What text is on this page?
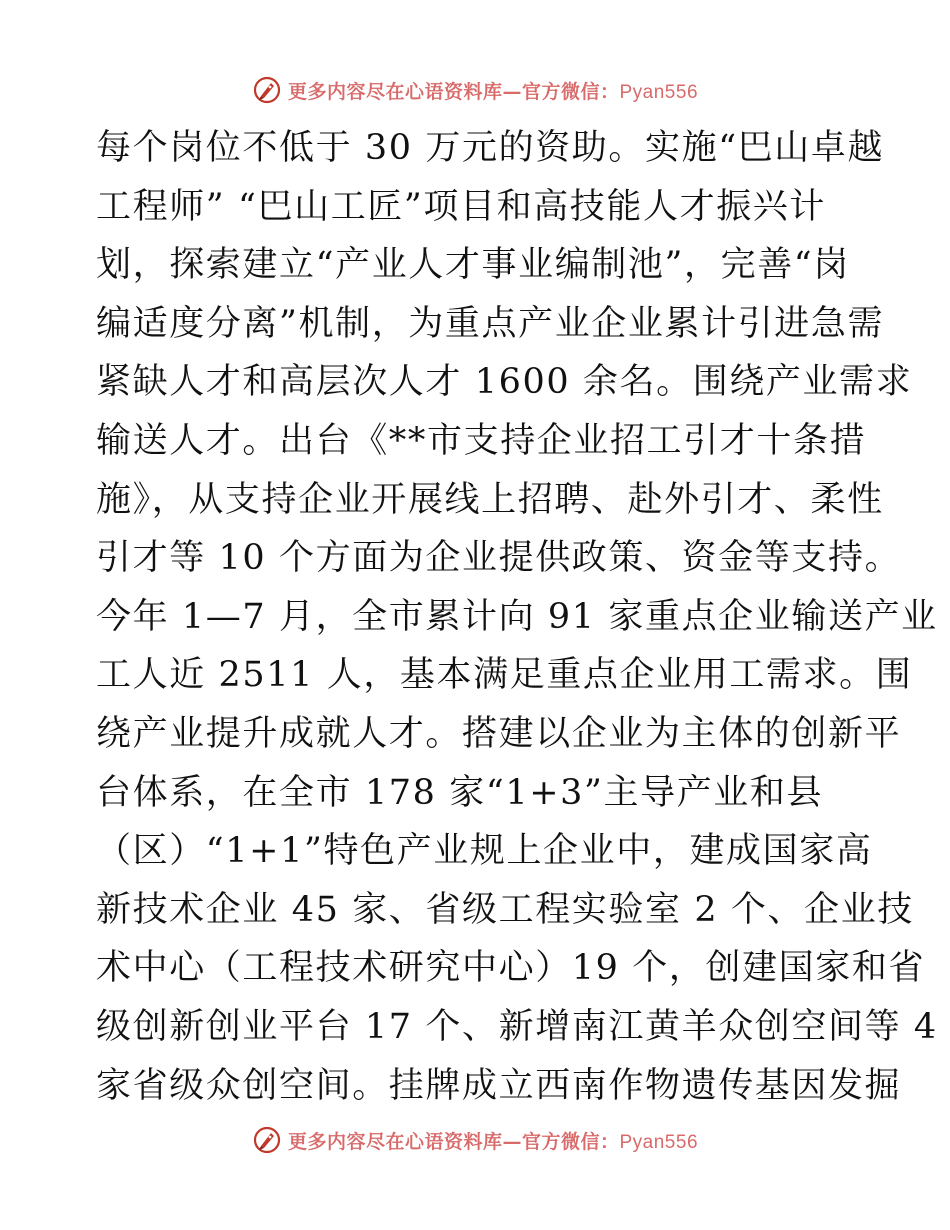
更多内容尽在心语资料库—官方微信：Pyan556
每个岗位不低于 30 万元的资助。实施“巴山卓越
工程师” “巴山工匠”项目和高技能人才振兴计
划，探索建立“产业人才事业编制池”，完善“岗
编适度分离”机制，为重点产业企业累计引进急需
紧缺人才和高层次人才 1600 余名。围绕产业需求
输送人才。出台《**市支持企业招工引才十条措
施》，从支持企业开展线上招聘、赴外引才、柔性
引才等 10 个方面为企业提供政策、资金等支持。
今年 1—7 月，全市累计向 91 家重点企业输送产业
工人近 2511 人，基本满足重点企业用工需求。围
绕产业提升成就人才。搭建以企业为主体的创新平
台体系，在全市 178 家“1+3”主导产业和县
（区）“1+1”特色产业规上企业中，建成国家高
新技术企业 45 家、省级工程实验室 2 个、企业技
术中心（工程技术研究中心）19 个，创建国家和省
级创新创业平台 17 个、新增南江黄羊众创空间等 4
家省级众创空间。挂牌成立西南作物遗传基因发掘
更多内容尽在心语资料库—官方微信：Pyan556
